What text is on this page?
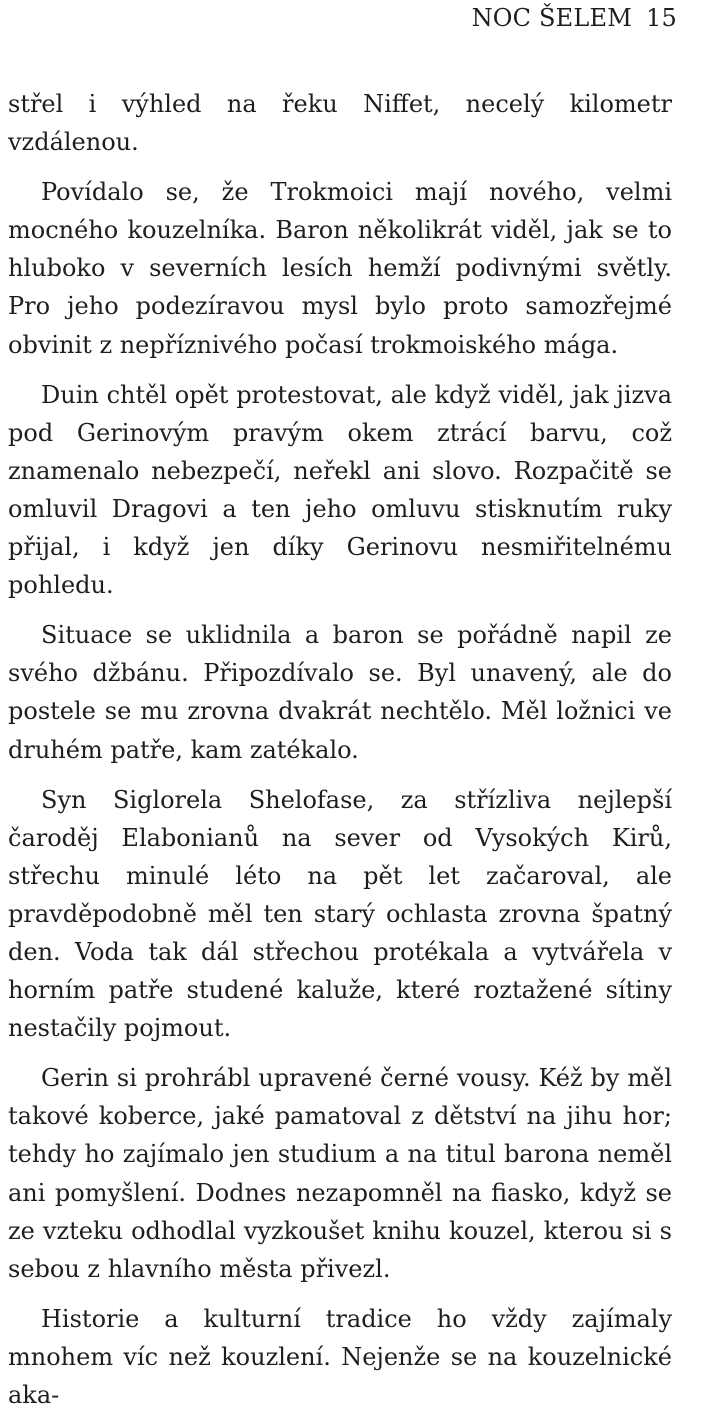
NOC ŠELEM 15

střel i výhled na řeku Niffet, necelý kilometr vzdálenou.

Povídalo se, že Trokmoici mají nového, velmi mocného kouzelníka. Baron několikrát viděl, jak se to hluboko v severních lesích hemží podivnými světly. Pro jeho podezíravou mysl bylo proto samozřejmé obvinit z nepříznivého počasí trokmoiského mága.

Duin chtěl opět protestovat, ale když viděl, jak jizva pod Gerinovým pravým okem ztrácí barvu, což znamenalo nebezpečí, neřekl ani slovo. Rozpačitě se omluvil Dragovi a ten jeho omluvu stisknutím ruky přijal, i když jen díky Gerinovu nesmiřitelnému pohledu.

Situace se uklidnila a baron se pořádně napil ze svého džbánu. Připozdívalo se. Byl unavený, ale do postele se mu zrovna dvakrát nechtělo. Měl ložnici ve druhém patře, kam zatékalo.

Syn Siglorela Shelofase, za střízliva nejlepší čaroděj Elabonianů na sever od Vysokých Kirů, střechu minulé léto na pět let začaroval, ale pravděpodobně měl ten starý ochlasta zrovna špatný den. Voda tak dál střechou protékala a vytvářela v horním patře studené kaluže, které roztažené sítiny nestačily pojmout.

Gerin si prohrábl upravené černé vousy. Kéž by měl takové koberce, jaké pamatoval z dětství na jihu hor; tehdy ho zajímalo jen studium a na titul barona neměl ani pomyšlení. Dodnes nezapomněl na fiasko, když se ze vzteku odhodlal vyzkoušet knihu kouzel, kterou si s sebou z hlavního města přivezl.

Historie a kulturní tradice ho vždy zajímaly mnohem víc než kouzlení. Nejenže se na kouzelnické aka-
